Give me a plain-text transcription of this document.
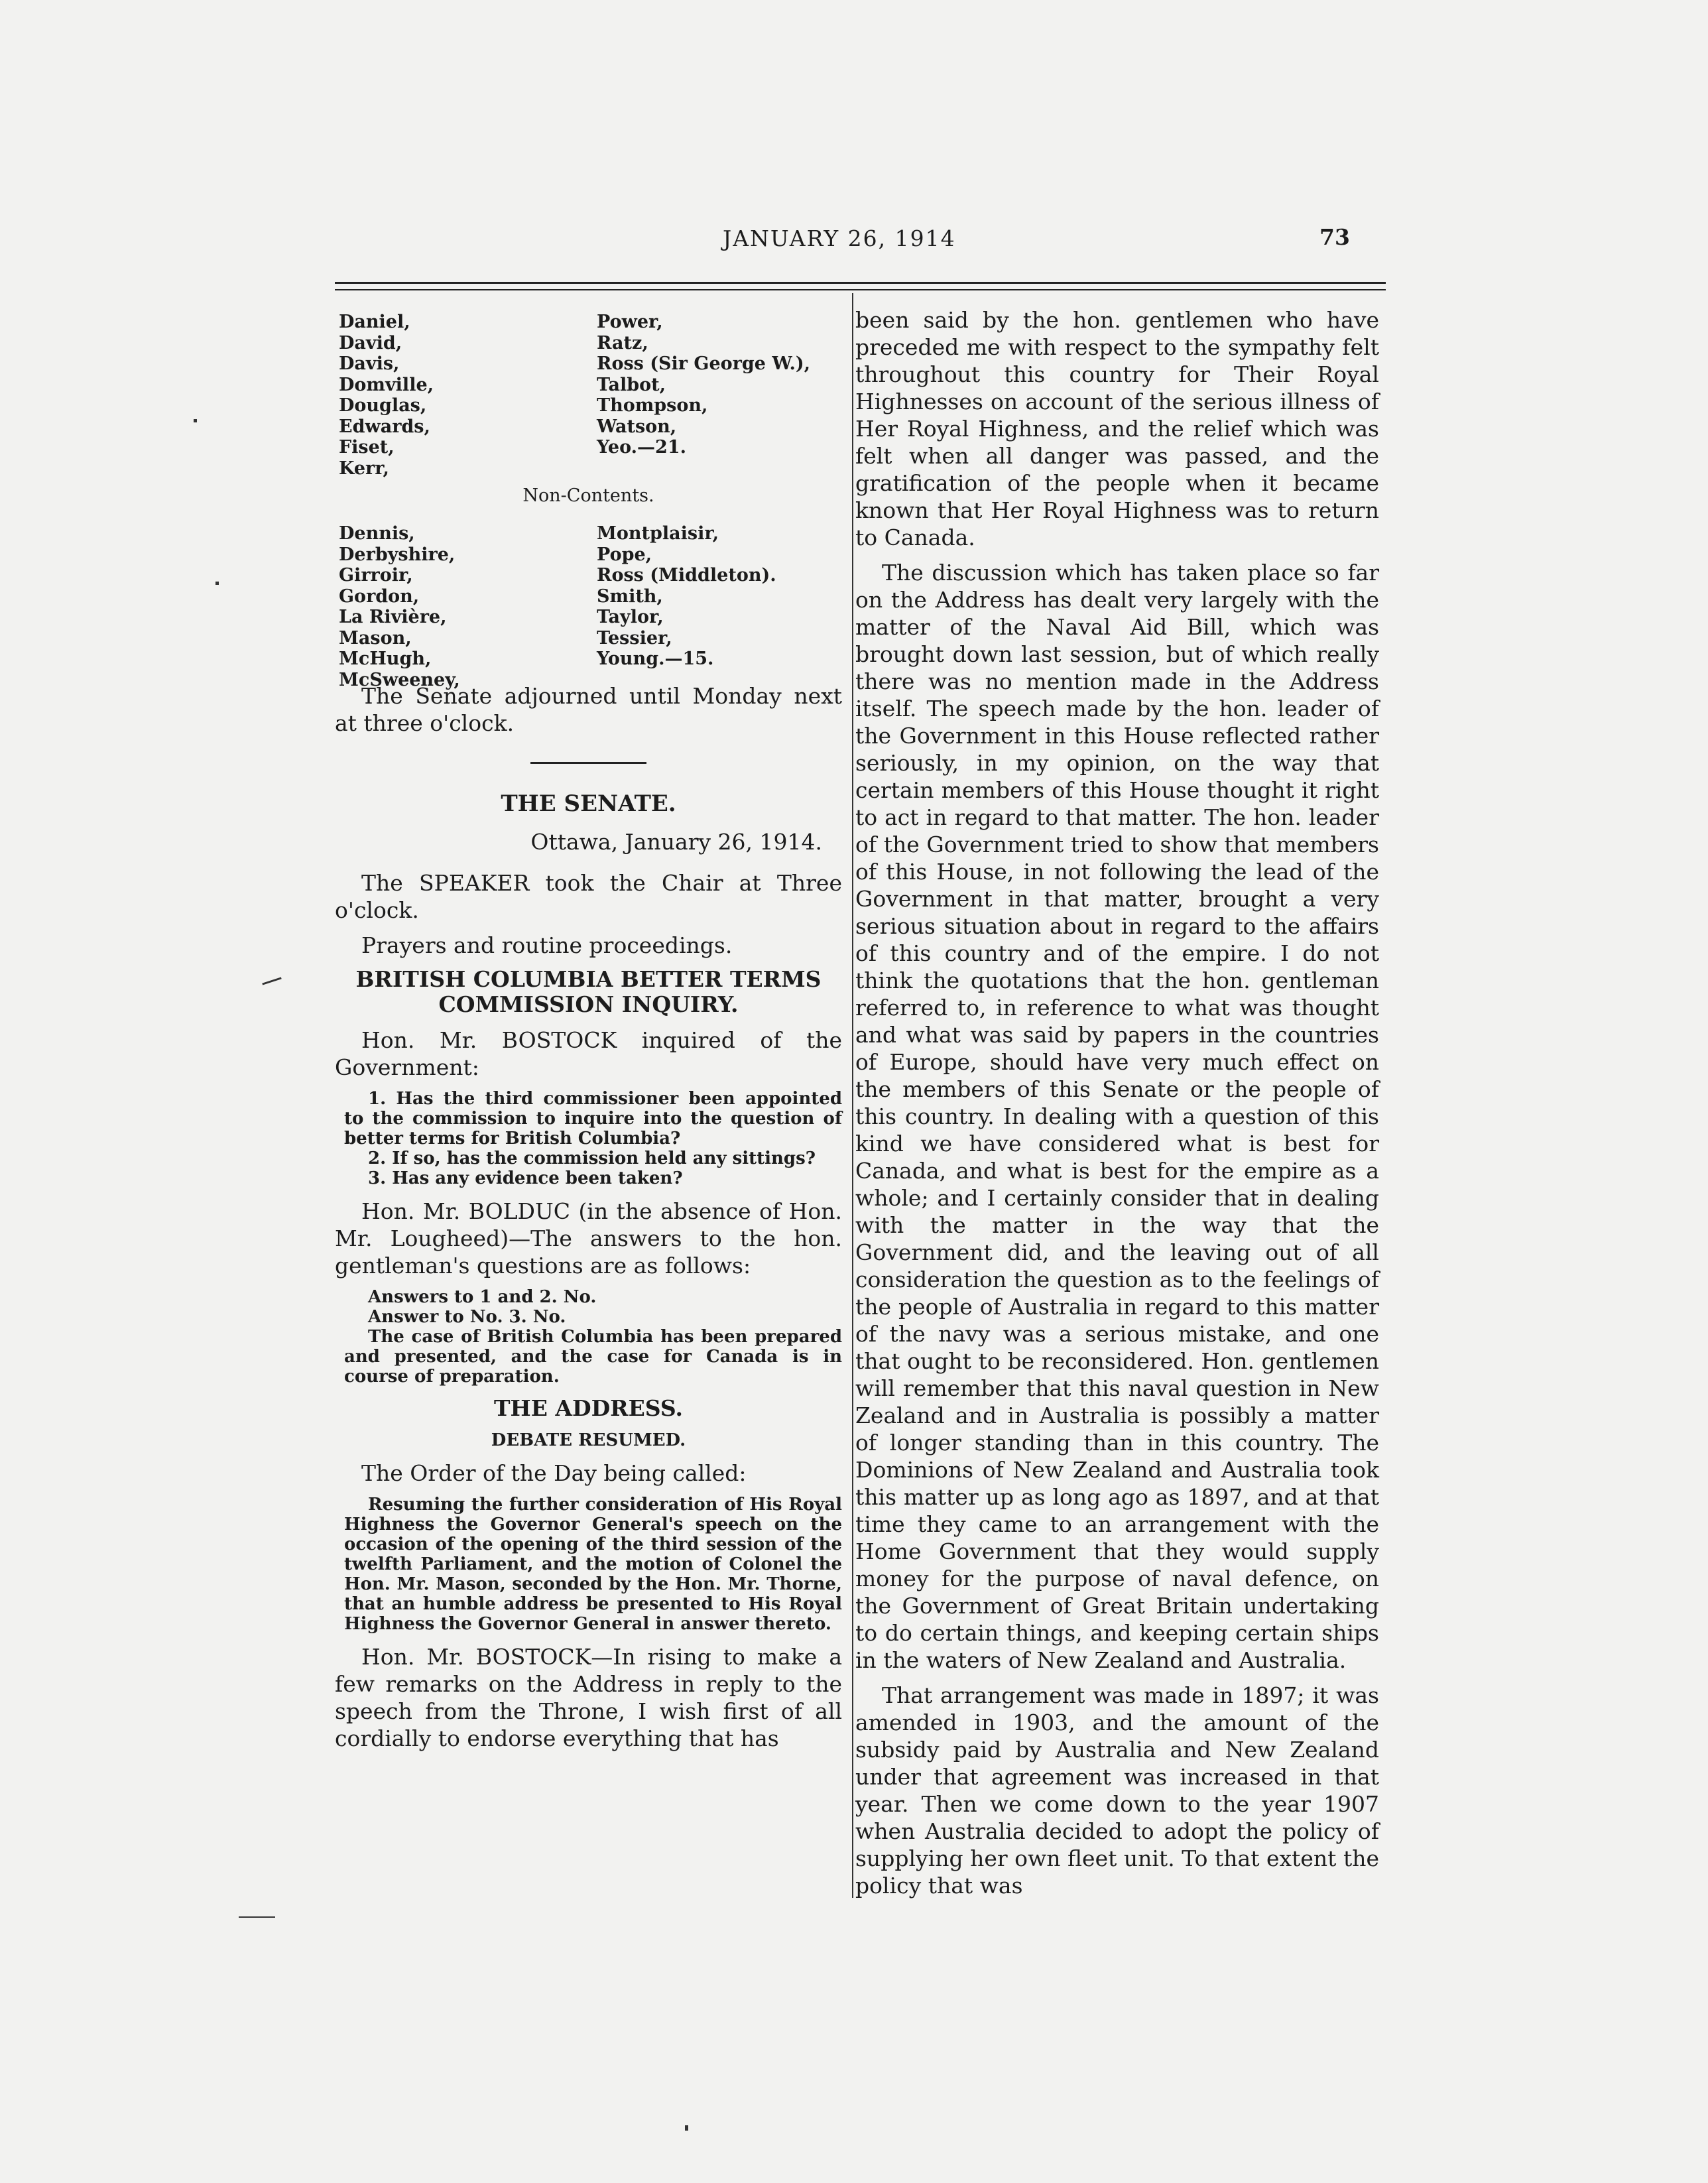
JANUARY 26, 1914	73
Daniel,
David,
Davis,
Domville,
Douglas,
Edwards,
Fiset,
Kerr,
Power,
Ratz,
Ross (Sir George W.),
Talbot,
Thompson,
Watson,
Yeo.—21.
Non-Contents.
Dennis,
Derbyshire,
Girroir,
Gordon,
La Rivière,
Mason,
McHugh,
McSweeney,
Montplaisir,
Pope,
Ross (Middleton).
Smith,
Taylor,
Tessier,
Young.—15.

The Senate adjourned until Monday next at three o'clock.

THE SENATE.
Ottawa, January 26, 1914.

The SPEAKER took the Chair at Three o'clock.

Prayers and routine proceedings.

BRITISH COLUMBIA BETTER TERMS
COMMISSION INQUIRY.

Hon. Mr. BOSTOCK inquired of the Government:

1. Has the third commissioner been appointed to the commission to inquire into the question of better terms for British Columbia?

2. If so, has the commission held any sittings?

3. Has any evidence been taken?

Hon. Mr. BOLDUC (in the absence of Hon. Mr. Lougheed)—The answers to the hon. gentleman's questions are as follows:

Answers to 1 and 2. No.

Answer to No. 3. No.

The case of British Columbia has been prepared and presented, and the case for Canada is in course of preparation.

THE ADDRESS.
DEBATE RESUMED.

The Order of the Day being called:

Resuming the further consideration of His Royal Highness the Governor General's speech on the occasion of the opening of the third session of the twelfth Parliament, and the motion of Colonel the Hon. Mr. Mason, seconded by the Hon. Mr. Thorne, that an humble address be presented to His Royal Highness the Governor General in answer thereto.

Hon. Mr. BOSTOCK—In rising to make a few remarks on the Address in reply to the speech from the Throne, I wish first of all cordially to endorse everything that has

been said by the hon. gentlemen who have preceded me with respect to the sympathy felt throughout this country for Their Royal Highnesses on account of the serious illness of Her Royal Highness, and the relief which was felt when all danger was passed, and the gratification of the people when it became known that Her Royal Highness was to return to Canada.

The discussion which has taken place so far on the Address has dealt very largely with the matter of the Naval Aid Bill, which was brought down last session, but of which really there was no mention made in the Address itself. The speech made by the hon. leader of the Government in this House reflected rather seriously, in my opinion, on the way that certain members of this House thought it right to act in regard to that matter. The hon. leader of the Government tried to show that members of this House, in not following the lead of the Government in that matter, brought a very serious situation about in regard to the affairs of this country and of the empire. I do not think the quotations that the hon. gentleman referred to, in reference to what was thought and what was said by papers in the countries of Europe, should have very much effect on the members of this Senate or the people of this country. In dealing with a question of this kind we have considered what is best for Canada, and what is best for the empire as a whole; and I certainly consider that in dealing with the matter in the way that the Government did, and the leaving out of all consideration the question as to the feelings of the people of Australia in regard to this matter of the navy was a serious mistake, and one that ought to be reconsidered. Hon. gentlemen will remember that this naval question in New Zealand and in Australia is possibly a matter of longer standing than in this country. The Dominions of New Zealand and Australia took this matter up as long ago as 1897, and at that time they came to an arrangement with the Home Government that they would supply money for the purpose of naval defence, on the Government of Great Britain undertaking to do certain things, and keeping certain ships in the waters of New Zealand and Australia.

That arrangement was made in 1897; it was amended in 1903, and the amount of the subsidy paid by Australia and New Zealand under that agreement was increased in that year. Then we come down to the year 1907 when Australia decided to adopt the policy of supplying her own fleet unit. To that extent the policy that was
